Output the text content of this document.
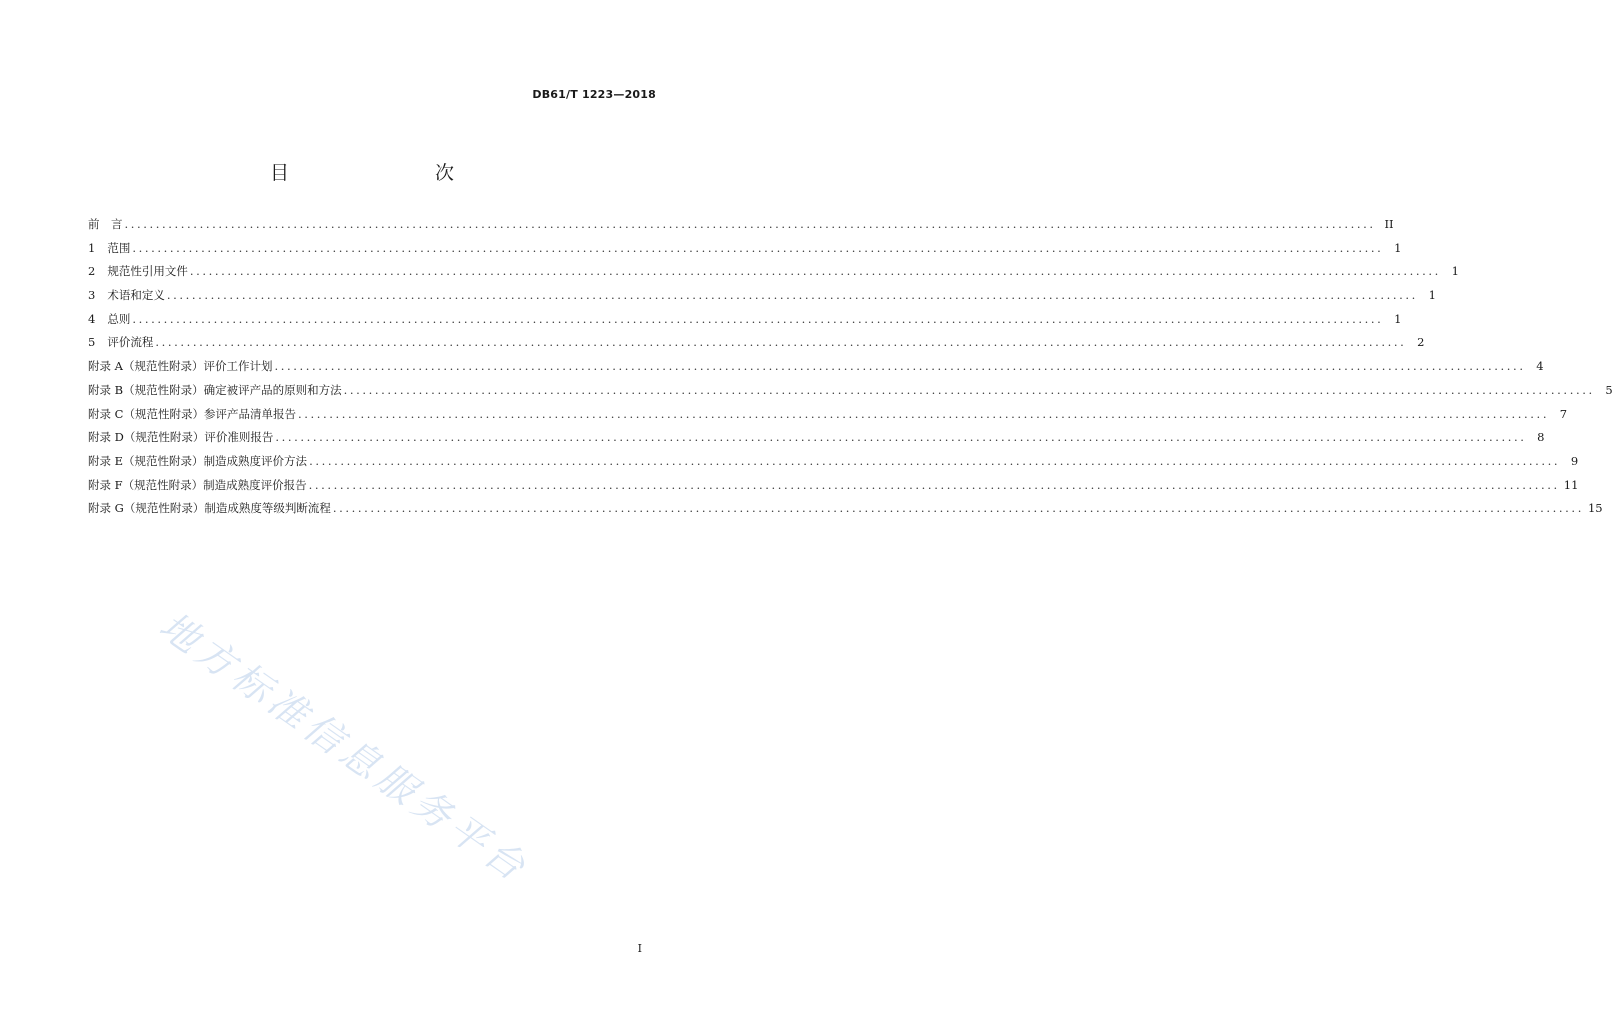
DB61/T 1223—2018
目　　次
前　言 ........................................................................................................................................................................................................ II
1 范围 ........................................................................................................................................................................................................ 1
2 规范性引用文件 ........................................................................................................................................................................................................ 1
3 术语和定义 ........................................................................................................................................................................................................ 1
4 总则 ........................................................................................................................................................................................................ 1
5 评价流程 ........................................................................................................................................................................................................ 2
附录 A（规范性附录） 评价工作计划 ........................................................................................................................................................................................................ 4
附录 B（规范性附录） 确定被评产品的原则和方法 ........................................................................................................................................................................................................ 5
附录 C（规范性附录） 参评产品清单报告 ........................................................................................................................................................................................................ 7
附录 D（规范性附录） 评价准则报告 ........................................................................................................................................................................................................ 8
附录 E（规范性附录） 制造成熟度评价方法 ........................................................................................................................................................................................................ 9
附录 F（规范性附录） 制造成熟度评价报告 ........................................................................................................................................................................................................ 11
附录 G（规范性附录） 制造成熟度等级判断流程 ........................................................................................................................................................................................................ 15
地方标准信息服务平台
I
